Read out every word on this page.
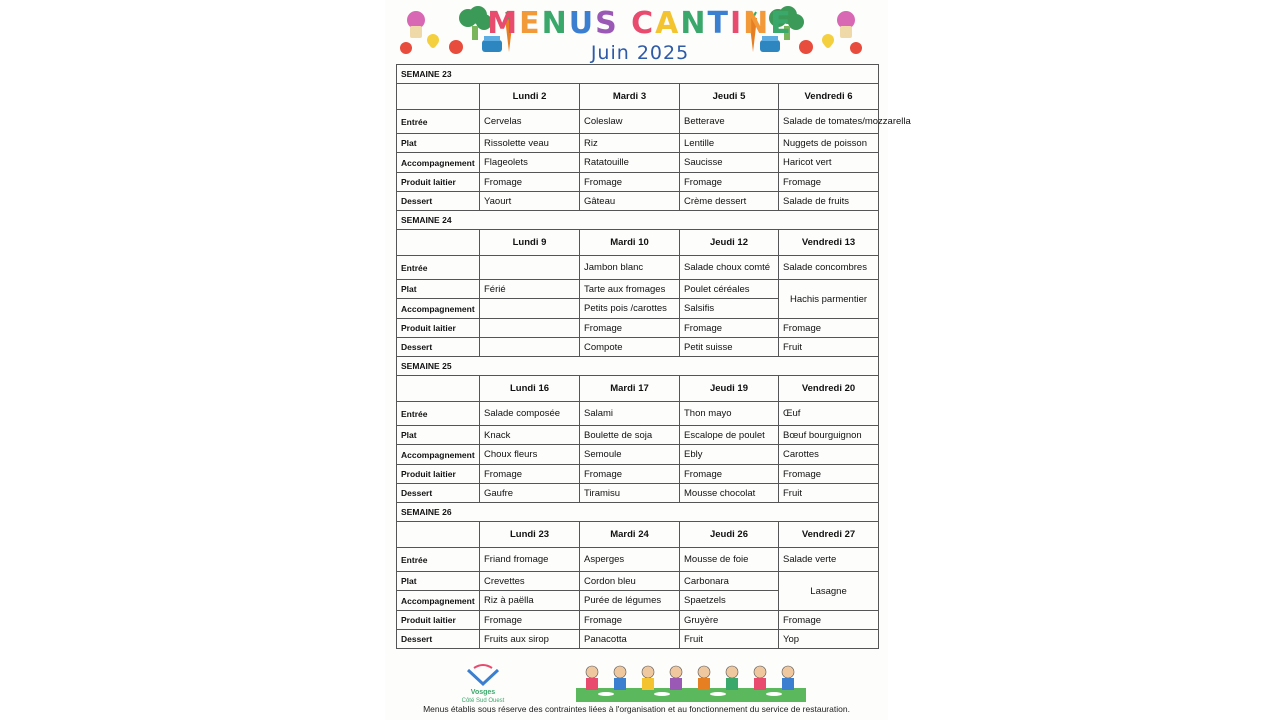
MENUS CANTINE
Juin 2025
SEMAINE 23				
	Lundi 2	Mardi 3	Jeudi 5	Vendredi 6
Entrée	Cervelas	Coleslaw	Betterave	Salade de tomates/mozzarella
Plat	Rissolette veau	Riz	Lentille	Nuggets de poisson
Accompagnement	Flageolets	Ratatouille	Saucisse	Haricot vert
Produit laitier	Fromage	Fromage	Fromage	Fromage
Dessert	Yaourt	Gâteau	Crème dessert	Salade de fruits
SEMAINE 24				
	Lundi 9	Mardi 10	Jeudi 12	Vendredi 13
Entrée		Jambon blanc	Salade choux comté	Salade concombres
Plat	Férié	Tarte aux fromages	Poulet céréales	Hachis parmentier
Accompagnement		Petits pois /carottes	Salsifis	
Produit laitier		Fromage	Fromage	Fromage
Dessert		Compote	Petit suisse	Fruit
SEMAINE 25				
	Lundi 16	Mardi 17	Jeudi 19	Vendredi 20
Entrée	Salade composée	Salami	Thon mayo	Œuf
Plat	Knack	Boulette de soja	Escalope de poulet	Bœuf bourguignon
Accompagnement	Choux fleurs	Semoule	Ebly	Carottes
Produit laitier	Fromage	Fromage	Fromage	Fromage
Dessert	Gaufre	Tiramisu	Mousse chocolat	Fruit
SEMAINE 26				
	Lundi 23	Mardi 24	Jeudi 26	Vendredi 27
Entrée	Friand fromage	Asperges	Mousse de foie	Salade verte
Plat	Crevettes	Cordon bleu	Carbonara	Lasagne
Accompagnement	Riz à paëlla	Purée de légumes	Spaetzels	
Produit laitier	Fromage	Fromage	Gruyère	Fromage
Dessert	Fruits aux sirop	Panacotta	Fruit	Yop
Vosges
Côté Sud Ouest
Menus établis sous réserve des contraintes liées à l'organisation et au fonctionnement du service de restauration.
